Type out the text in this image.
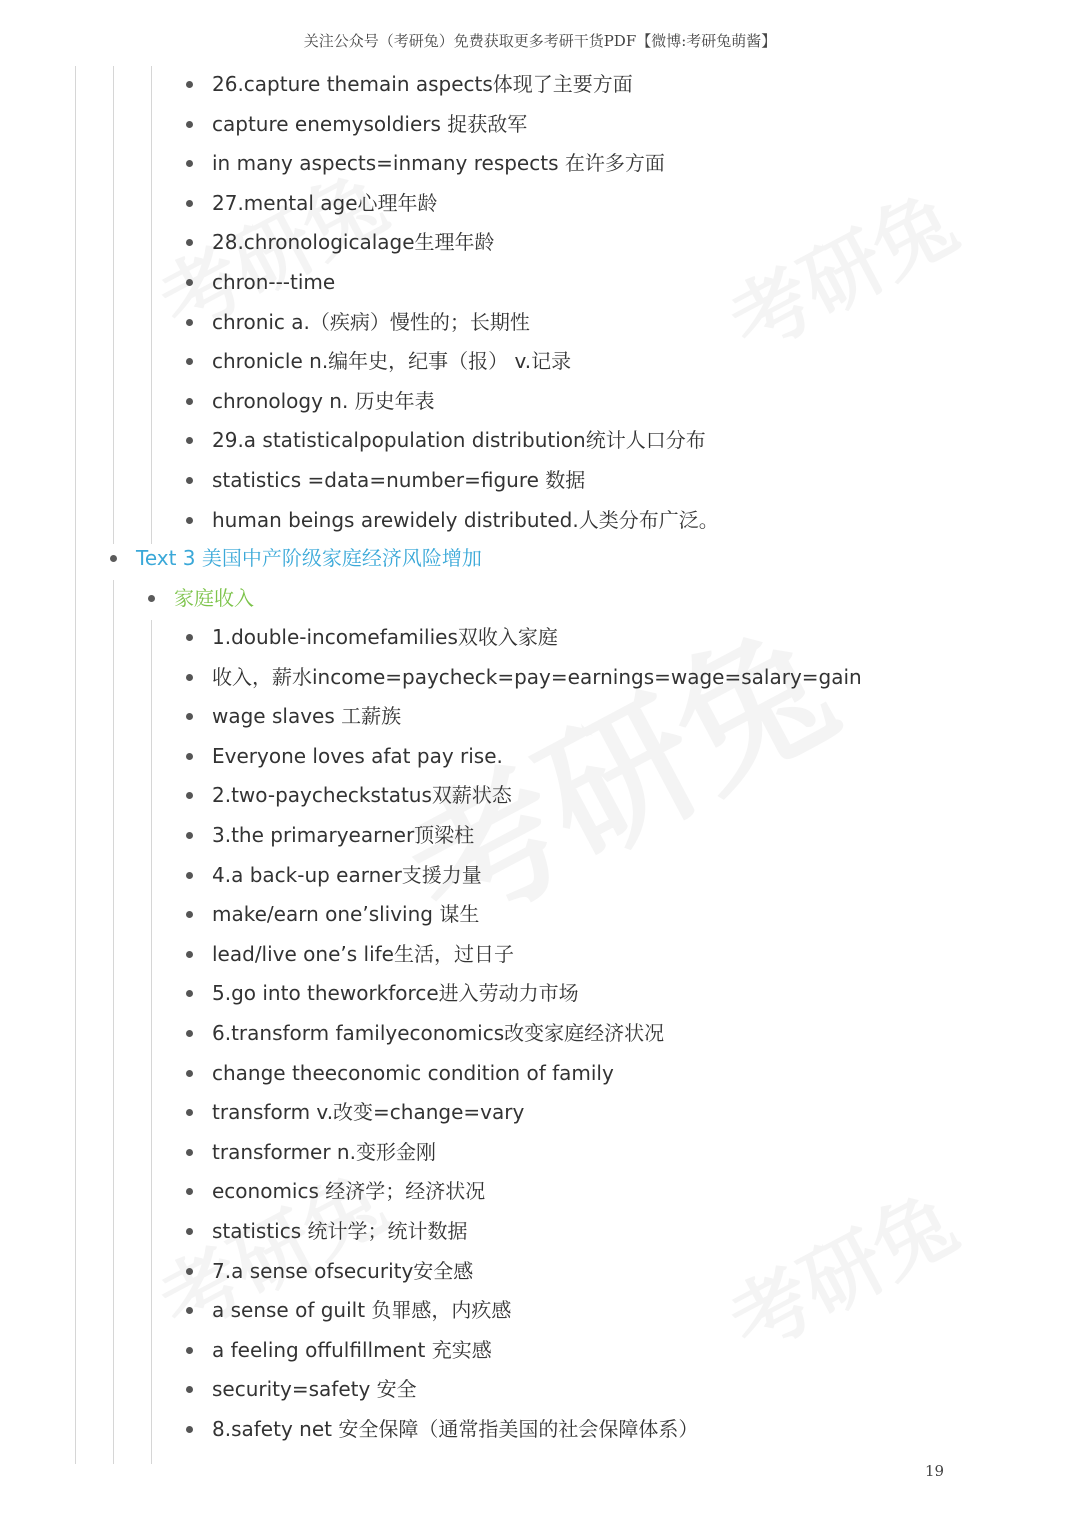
关注公众号（考研兔）免费获取更多考研干货PDF【微博:考研兔萌酱】
26.capture themain aspects体现了主要方面
capture enemysoldiers 捉获敌军
in many aspects=inmany respects 在许多方面
27.mental age心理年龄
28.chronologicalage生理年龄
chron---time
chronic a.（疾病）慢性的；长期性
chronicle n.编年史，纪事（报） v.记录
chronology n. 历史年表
29.a statisticalpopulation distribution统计人口分布
statistics =data=number=figure 数据
human beings arewidely distributed.人类分布广泛。
Text 3 美国中产阶级家庭经济风险增加
家庭收入
1.double-incomefamilies双收入家庭
收入，薪水income=paycheck=pay=earnings=wage=salary=gain
wage slaves 工薪族
Everyone loves afat pay rise.
2.two-paycheckstatus双薪状态
3.the primaryearner顶梁柱
4.a back-up earner支援力量
make/earn one’sliving 谋生
lead/live one’s life生活，过日子
5.go into theworkforce进入劳动力市场
6.transform familyeconomics改变家庭经济状况
change theeconomic condition of family
transform v.改变=change=vary
transformer n.变形金刚
economics 经济学；经济状况
statistics 统计学；统计数据
7.a sense ofsecurity安全感
a sense of guilt 负罪感，内疚感
a feeling offulfillment 充实感
security=safety 安全
8.safety net 安全保障（通常指美国的社会保障体系）
19
